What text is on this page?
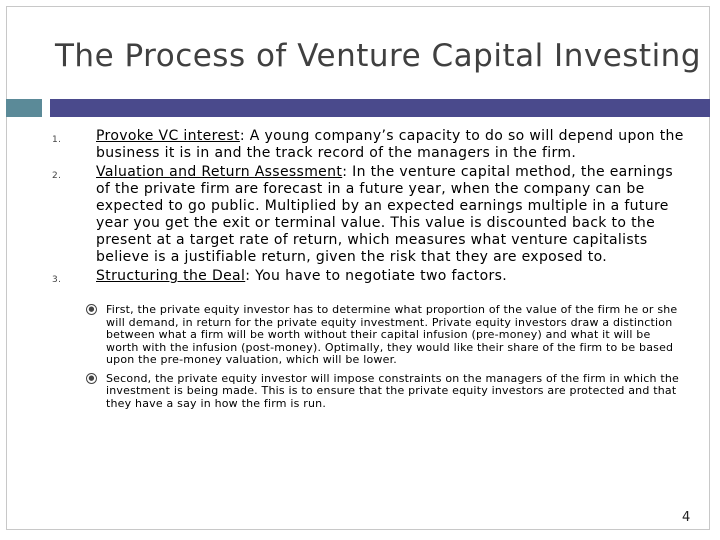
The Process of Venture Capital Investing
1. Provoke VC interest: A young company’s capacity to do so will depend upon the business it is in and the track record of the managers in the firm.
2. Valuation and Return Assessment: In the venture capital method, the earnings of the private firm are forecast in a future year, when the company can be expected to go public. Multiplied by an expected earnings multiple in a future year you get the exit or terminal value. This value is discounted back to the present at a target rate of return, which measures what venture capitalists believe is a justifiable return, given the risk that they are exposed to.
3. Structuring the Deal: You have to negotiate two factors.
● First, the private equity investor has to determine what proportion of the value of the firm he or she will demand, in return for the private equity investment. Private equity investors draw a distinction between what a firm will be worth without their capital infusion (pre-money) and what it will be worth with the infusion (post-money). Optimally, they would like their share of the firm to be based upon the pre-money valuation, which will be lower.
● Second, the private equity investor will impose constraints on the managers of the firm in which the investment is being made. This is to ensure that the private equity investors are protected and that they have a say in how the firm is run.
4
